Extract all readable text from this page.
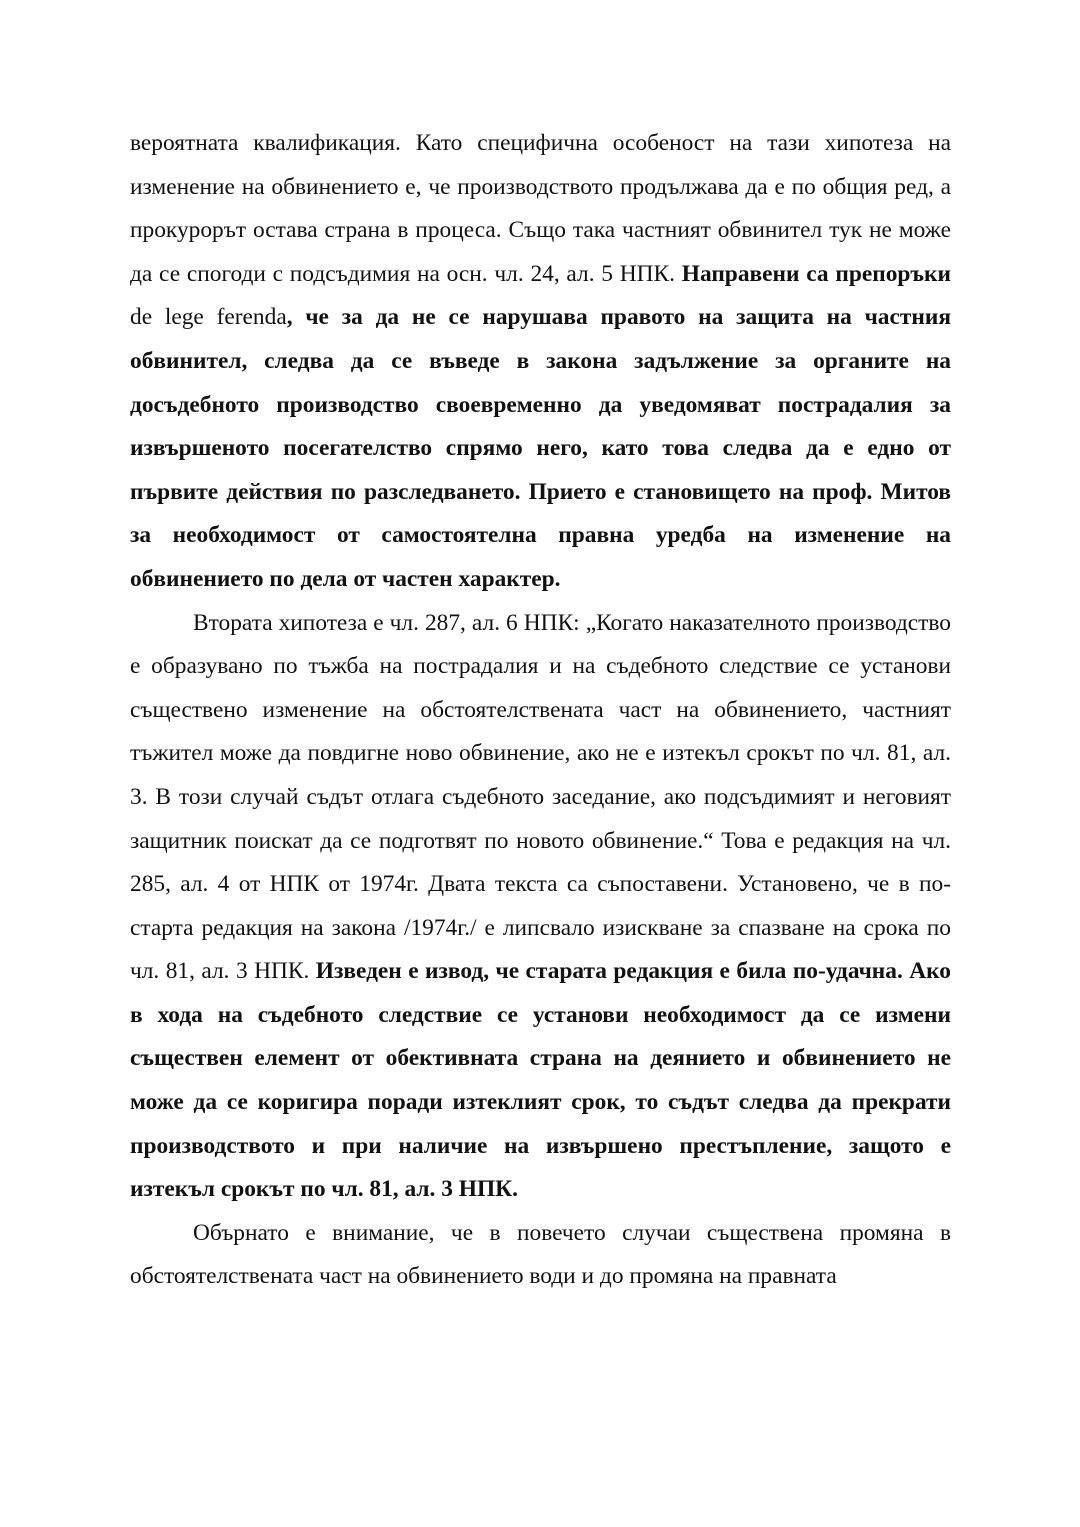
вероятната квалификация. Като специфична особеност на тази хипотеза на изменение на обвинението е, че производството продължава да е по общия ред, а прокурорът остава страна в процеса. Също така частният обвинител тук не може да се спогоди с подсъдимия на осн. чл. 24, ал. 5 НПК. Направени са препоръки de lege ferenda, че за да не се нарушава правото на защита на частния обвинител, следва да се въведе в закона задължение за органите на досъдебното производство своевременно да уведомяват пострадалия за извършеното посегателство спрямо него, като това следва да е едно от първите действия по разследването. Прието е становището на проф. Митов за необходимост от самостоятелна правна уредба на изменение на обвинението по дела от частен характер.

Втората хипотеза е чл. 287, ал. 6 НПК: „Когато наказателното производство е образувано по тъжба на пострадалия и на съдебното следствие се установи съществено изменение на обстоятелствената част на обвинението, частният тъжител може да повдигне ново обвинение, ако не е изтекъл срокът по чл. 81, ал. 3. В този случай съдът отлага съдебното заседание, ако подсъдимият и неговият защитник поискат да се подготвят по новото обвинение.“ Това е редакция на чл. 285, ал. 4 от НПК от 1974г. Двата текста са съпоставени. Установено, че в по-старта редакция на закона /1974г./ е липсвало изискване за спазване на срока по чл. 81, ал. 3 НПК. Изведен е извод, че старата редакция е била по-удачна. Ако в хода на съдебното следствие се установи необходимост да се измени съществен елемент от обективната страна на деянието и обвинението не може да се коригира поради изтеклият срок, то съдът следва да прекрати производството и при наличие на извършено престъпление, защото е изтекъл срокът по чл. 81, ал. 3 НПК.

Обърнато е внимание, че в повечето случаи съществена промяна в обстоятелствената част на обвинението води и до промяна на правната
